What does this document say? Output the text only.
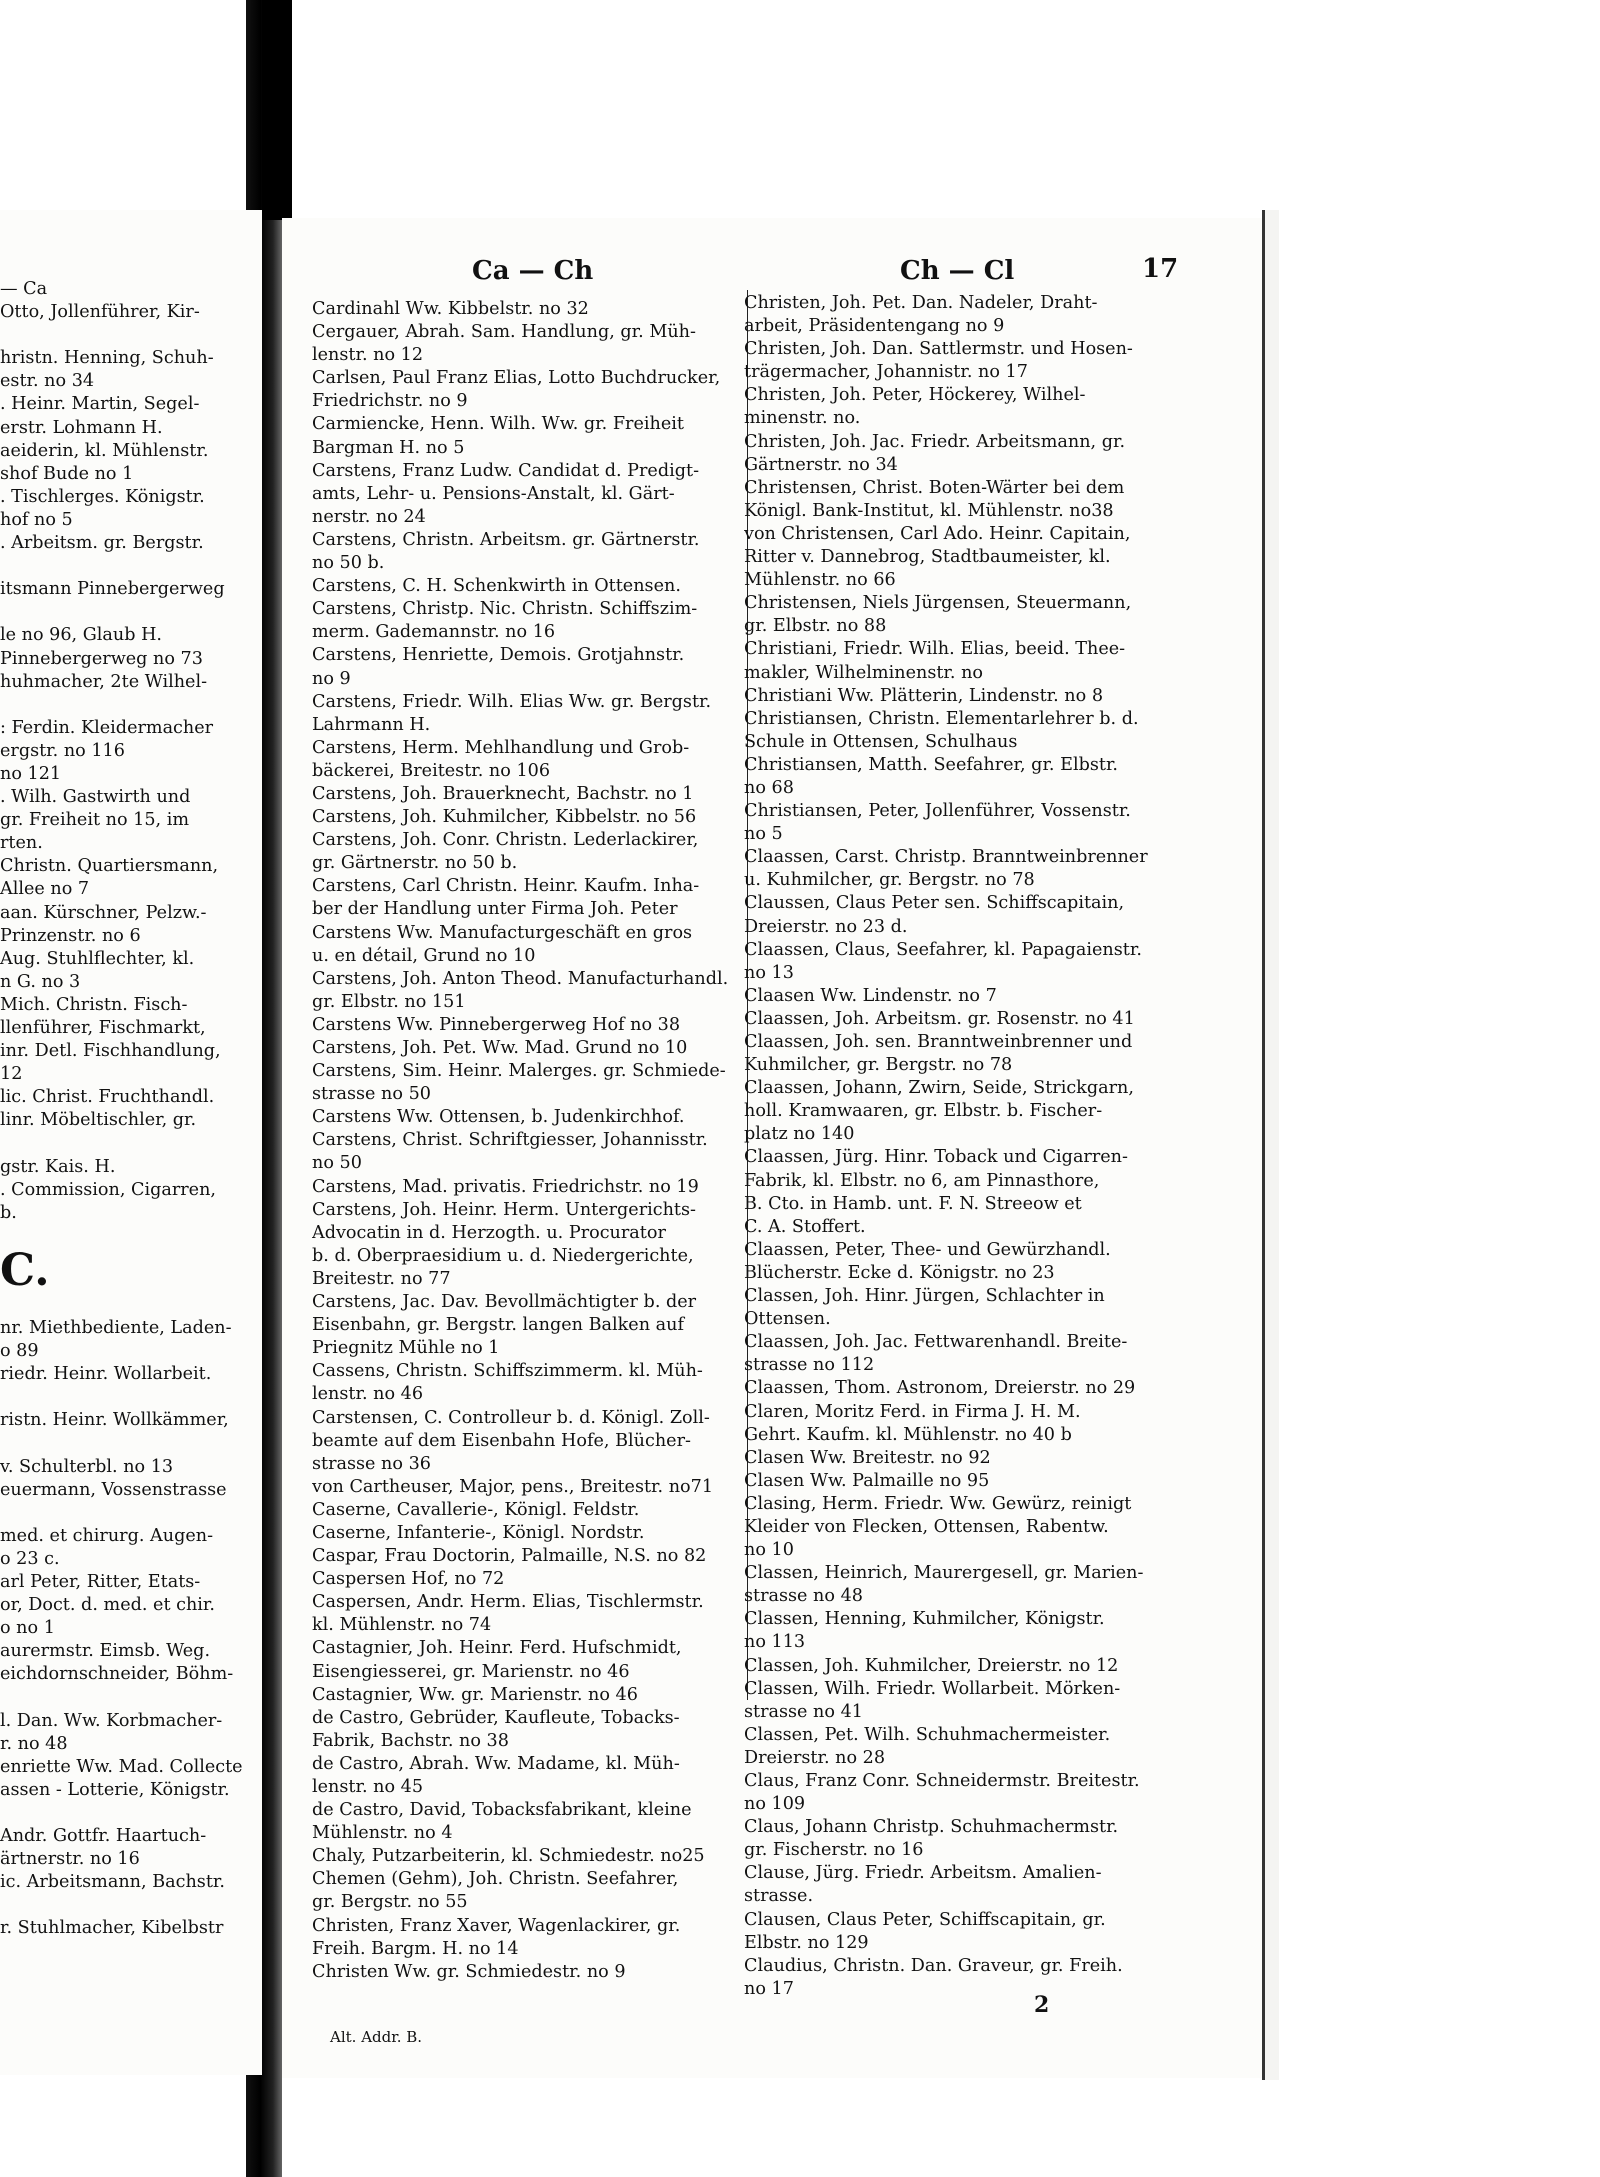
— Ca
Otto, Jollenführer, Kir-
hristn. Henning, Schuh-
estr. no 34
. Heinr. Martin, Segel-
erstr. Lohmann H.
aeiderin, kl. Mühlenstr.
shof Bude no 1
. Tischlerges. Königstr.
hof no 5
. Arbeitsm. gr. Bergstr.
itsmann Pinnebergerweg
le no 96, Glaub H.
Pinnebergerweg no 73
huhmacher, 2te Wilhel-
: Ferdin. Kleidermacher
ergstr. no 116
no 121
. Wilh. Gastwirth und
gr. Freiheit no 15, im
rten.
Christn. Quartiersmann,
Allee no 7
aan. Kürschner, Pelzw.-
Prinzenstr. no 6
Aug. Stuhlflechter, kl.
n G. no 3
Mich. Christn. Fisch-
llenführer, Fischmarkt,
inr. Detl. Fischhandlung,
12
lic. Christ. Fruchthandl.
linr. Möbeltischler, gr.
gstr. Kais. H.
. Commission, Cigarren,
b.
C.
nr. Miethbediente, Laden-
o 89
riedr. Heinr. Wollarbeit.
ristn. Heinr. Wollkämmer,
v. Schulterbl. no 13
euermann, Vossenstrasse
med. et chirurg. Augen-
o 23 c.
arl Peter, Ritter, Etats-
or, Doct. d. med. et chir.
o no 1
aurermstr. Eimsb. Weg.
eichdornschneider, Böhm-
l. Dan. Ww. Korbmacher-
r. no 48
enriette Ww. Mad. Collecte
assen - Lotterie, Königstr.
Andr. Gottfr. Haartuch-
ärtnerstr. no 16
ic. Arbeitsmann, Bachstr.
r. Stuhlmacher, Kibelbstr
Ca — Ch	Ch — Cl	17
Cardinahl Ww. Kibbelstr. no 32
Cergauer, Abrah. Sam. Handlung, gr. Müh-
lenstr. no 12
Carlsen, Paul Franz Elias, Lotto Buchdrucker,
Friedrichstr. no 9
Carmiencke, Henn. Wilh. Ww. gr. Freiheit
Bargman H. no 5
Carstens, Franz Ludw. Candidat d. Predigt-
amts, Lehr- u. Pensions-Anstalt, kl. Gärt-
nerstr. no 24
Carstens, Christn. Arbeitsm. gr. Gärtnerstr.
no 50 b.
Carstens, C. H. Schenkwirth in Ottensen.
Carstens, Christp. Nic. Christn. Schiffszim-
merm. Gademannstr. no 16
Carstens, Henriette, Demois. Grotjahnstr.
no 9
Carstens, Friedr. Wilh. Elias Ww. gr. Bergstr.
Lahrmann H.
Carstens, Herm. Mehlhandlung und Grob-
bäckerei, Breitestr. no 106
Carstens, Joh. Brauerknecht, Bachstr. no 1
Carstens, Joh. Kuhmilcher, Kibbelstr. no 56
Carstens, Joh. Conr. Christn. Lederlackirer,
gr. Gärtnerstr. no 50 b.
Carstens, Carl Christn. Heinr. Kaufm. Inha-
ber der Handlung unter Firma Joh. Peter
Carstens Ww. Manufacturgeschäft en gros
u. en détail, Grund no 10
Carstens, Joh. Anton Theod. Manufacturhandl.
gr. Elbstr. no 151
Carstens Ww. Pinnebergerweg Hof no 38
Carstens, Joh. Pet. Ww. Mad. Grund no 10
Carstens, Sim. Heinr. Malerges. gr. Schmiede-
strasse no 50
Carstens Ww. Ottensen, b. Judenkirchhof.
Carstens, Christ. Schriftgiesser, Johannisstr.
no 50
Carstens, Mad. privatis. Friedrichstr. no 19
Carstens, Joh. Heinr. Herm. Untergerichts-
Advocatin in d. Herzogth. u. Procurator
b. d. Oberpraesidium u. d. Niedergerichte,
Breitestr. no 77
Carstens, Jac. Dav. Bevollmächtigter b. der
Eisenbahn, gr. Bergstr. langen Balken auf
Priegnitz Mühle no 1
Cassens, Christn. Schiffszimmerm. kl. Müh-
lenstr. no 46
Carstensen, C. Controlleur b. d. Königl. Zoll-
beamte auf dem Eisenbahn Hofe, Blücher-
strasse no 36
von Cartheuser, Major, pens., Breitestr. no71
Caserne, Cavallerie-, Königl. Feldstr.
Caserne, Infanterie-, Königl. Nordstr.
Caspar, Frau Doctorin, Palmaille, N.S. no 82
Caspersen Hof, no 72
Caspersen, Andr. Herm. Elias, Tischlermstr.
kl. Mühlenstr. no 74
Castagnier, Joh. Heinr. Ferd. Hufschmidt,
Eisengiesserei, gr. Marienstr. no 46
Castagnier, Ww. gr. Marienstr. no 46
de Castro, Gebrüder, Kaufleute, Tobacks-
Fabrik, Bachstr. no 38
de Castro, Abrah. Ww. Madame, kl. Müh-
lenstr. no 45
de Castro, David, Tobacksfabrikant, kleine
Mühlenstr. no 4
Chaly, Putzarbeiterin, kl. Schmiedestr. no25
Chemen (Gehm), Joh. Christn. Seefahrer,
gr. Bergstr. no 55
Christen, Franz Xaver, Wagenlackirer, gr.
Freih. Bargm. H. no 14
Christen Ww. gr. Schmiedestr. no 9
Christen, Joh. Pet. Dan. Nadeler, Draht-
arbeit, Präsidentengang no 9
Christen, Joh. Dan. Sattlermstr. und Hosen-
trägermacher, Johannistr. no 17
Christen, Joh. Peter, Höckerey, Wilhel-
minenstr. no.
Christen, Joh. Jac. Friedr. Arbeitsmann, gr.
Gärtnerstr. no 34
Christensen, Christ. Boten-Wärter bei dem
Königl. Bank-Institut, kl. Mühlenstr. no38
von Christensen, Carl Ado. Heinr. Capitain,
Ritter v. Dannebrog, Stadtbaumeister, kl.
Mühlenstr. no 66
Christensen, Niels Jürgensen, Steuermann,
gr. Elbstr. no 88
Christiani, Friedr. Wilh. Elias, beeid. Thee-
makler, Wilhelminenstr. no
Christiani Ww. Plätterin, Lindenstr. no 8
Christiansen, Christn. Elementarlehrer b. d.
Schule in Ottensen, Schulhaus
Christiansen, Matth. Seefahrer, gr. Elbstr.
no 68
Christiansen, Peter, Jollenführer, Vossenstr.
no 5
Claassen, Carst. Christp. Branntweinbrenner
u. Kuhmilcher, gr. Bergstr. no 78
Claussen, Claus Peter sen. Schiffscapitain,
Dreierstr. no 23 d.
Claassen, Claus, Seefahrer, kl. Papagaienstr.
no 13
Claasen Ww. Lindenstr. no 7
Claassen, Joh. Arbeitsm. gr. Rosenstr. no 41
Claassen, Joh. sen. Branntweinbrenner und
Kuhmilcher, gr. Bergstr. no 78
Claassen, Johann, Zwirn, Seide, Strickgarn,
holl. Kramwaaren, gr. Elbstr. b. Fischer-
platz no 140
Claassen, Jürg. Hinr. Toback und Cigarren-
Fabrik, kl. Elbstr. no 6, am Pinnasthore,
B. Cto. in Hamb. unt. F. N. Streeow et
C. A. Stoffert.
Claassen, Peter, Thee- und Gewürzhandl.
Blücherstr. Ecke d. Königstr. no 23
Classen, Joh. Hinr. Jürgen, Schlachter in
Ottensen.
Claassen, Joh. Jac. Fettwarenhandl. Breite-
strasse no 112
Claassen, Thom. Astronom, Dreierstr. no 29
Claren, Moritz Ferd. in Firma J. H. M.
Gehrt. Kaufm. kl. Mühlenstr. no 40 b
Clasen Ww. Breitestr. no 92
Clasen Ww. Palmaille no 95
Clasing, Herm. Friedr. Ww. Gewürz, reinigt
Kleider von Flecken, Ottensen, Rabentw.
no 10
Classen, Heinrich, Maurergesell, gr. Marien-
strasse no 48
Classen, Henning, Kuhmilcher, Königstr.
no 113
Classen, Joh. Kuhmilcher, Dreierstr. no 12
Classen, Wilh. Friedr. Wollarbeit. Mörken-
strasse no 41
Classen, Pet. Wilh. Schuhmachermeister.
Dreierstr. no 28
Claus, Franz Conr. Schneidermstr. Breitestr.
no 109
Claus, Johann Christp. Schuhmachermstr.
gr. Fischerstr. no 16
Clause, Jürg. Friedr. Arbeitsm. Amalien-
strasse.
Clausen, Claus Peter, Schiffscapitain, gr.
Elbstr. no 129
Claudius, Christn. Dan. Graveur, gr. Freih.
no 17
Alt. Addr. B.
2
